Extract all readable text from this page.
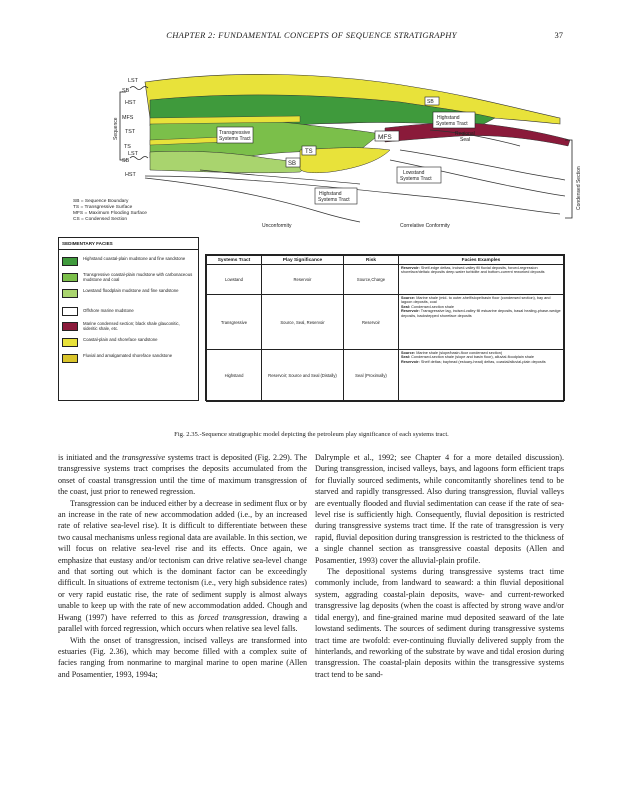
CHAPTER 2: FUNDAMENTAL CONCEPTS OF SEQUENCE STRATIGRAPHY	37
LST
SB
HST
MFS
TST
TS
LST
SB
HST
Sequence
SB
Highstand
Systems Tract
MFS	Regional
Seal
Transgressive
Systems Tract
TS
SB
Lowstand
Systems Tract
Highstand
Systems Tract	Condensed Section
Unconformity	Correlative Conformity
SB = Sequence Boundary
TS = Transgressive Surface
MFS = Maximum Flooding Surface
CS = Condensed Section
SEDIMENTARY FACIES
Highstand coastal-plain mudstone and fine sandstone
Transgressive coastal-plain mudstone with carbonaceous mudstone and coal
Lowstand floodplain mudstone and fine sandstone
Offshore marine mudstone
Marine condensed section; black shale glauconitic, sideritic shale, etc.
Coastal-plain and shoreface sandstone
Fluvial and amalgamated shoreface sandstone
Systems Tract	Play Significance	Risk	Facies Examples
Lowstand	Reservoir	Source,Charge	Reservoir: Shelf-edge deltas, incised-valley fill fluvial deposits, forced-regression shoreface/deltaic deposits deep-water turbidite and bottom-current reworked deposits
Transgressive	Source, Seal, Reservoir	Reservoir	Source: Marine shale (mid- to outer-shelf/slope/basin floor (condensed section), bay and lagoon deposits, coal
Seal: Condensed-section shale
Reservoir: Transgressive lag, incised-valley fill estuarine deposits, basal healing-phase-wedge deposits, backstepped shoreface deposits
Highstand	Reservoir; Source and Seal (Distally)	Seal (Proximally)	Source: Marine shale (slope/basin-floor condensed section)
Seal: Condensed-section shale (slope and basin floor), alluvial-floodplain shale
Reservoir: Shelf deltas; bayhead (estuary-head) deltas, coastal/alluvial-plain deposits
Fig. 2.35.-Sequence stratigraphic model depicting the petroleum play significance of each systems tract.

is initiated and the transgressive systems tract is deposited (Fig. 2.29). The transgressive systems tract comprises the deposits accumulated from the onset of coastal transgression until the time of maximum transgression of the coast, just prior to renewed regression.

Transgression can be induced either by a decrease in sediment flux or by an increase in the rate of new accommodation added (i.e., by an increased rate of relative sea-level rise). It is difficult to differentiate between these two causal mechanisms unless regional data are available. In this section, we will focus on relative sea-level rise and its effects. Once again, we emphasize that eustasy and/or tectonism can drive relative sea-level change and that sorting out which is the dominant factor can be exceedingly difficult. In situations of extreme tectonism (i.e., very high subsidence rates) or very rapid eustatic rise, the rate of sediment supply is almost always unable to keep up with the rate of new accommodation added. Chough and Hwang (1997) have referred to this as forced transgression, drawing a parallel with forced regression, which occurs when relative sea level falls.

With the onset of transgression, incised valleys are transformed into estuaries (Fig. 2.36), which may become filled with a complex suite of facies ranging from nonmarine to marginal marine to open marine (Allen and Posamentier, 1993, 1994a;

Dalrymple et al., 1992; see Chapter 4 for a more detailed discussion). During transgression, incised valleys, bays, and lagoons form efficient traps for fluvially sourced sediments, while concomitantly shorelines tend to be starved and rapidly transgressed. Also during transgression, fluvial valleys are eventually flooded and fluvial sedimentation can cease if the rate of sea-level rise is sufficiently high. Consequently, fluvial deposition is restricted during transgressive systems tract time. If the rate of transgression is very rapid, fluvial deposition during transgression is restricted to the thickness of a single channel section as transgressive coastal deposits (Allen and Posamentier, 1993) cover the alluvial-plain profile.

The depositional systems during transgressive systems tract time commonly include, from landward to seaward: a thin fluvial depositional system, aggrading coastal-plain deposits, wave- and current-reworked transgressive lag deposits (when the coast is affected by strong wave and/or tidal energy), and fine-grained marine mud deposited seaward of the late lowstand sediments. The sources of sediment during transgressive systems tract time are twofold: ever-continuing fluvially delivered supply from the hinterlands, and reworking of the substrate by wave and tidal erosion during transgression. The coastal-plain deposits within the transgressive systems tract tend to be sand-
